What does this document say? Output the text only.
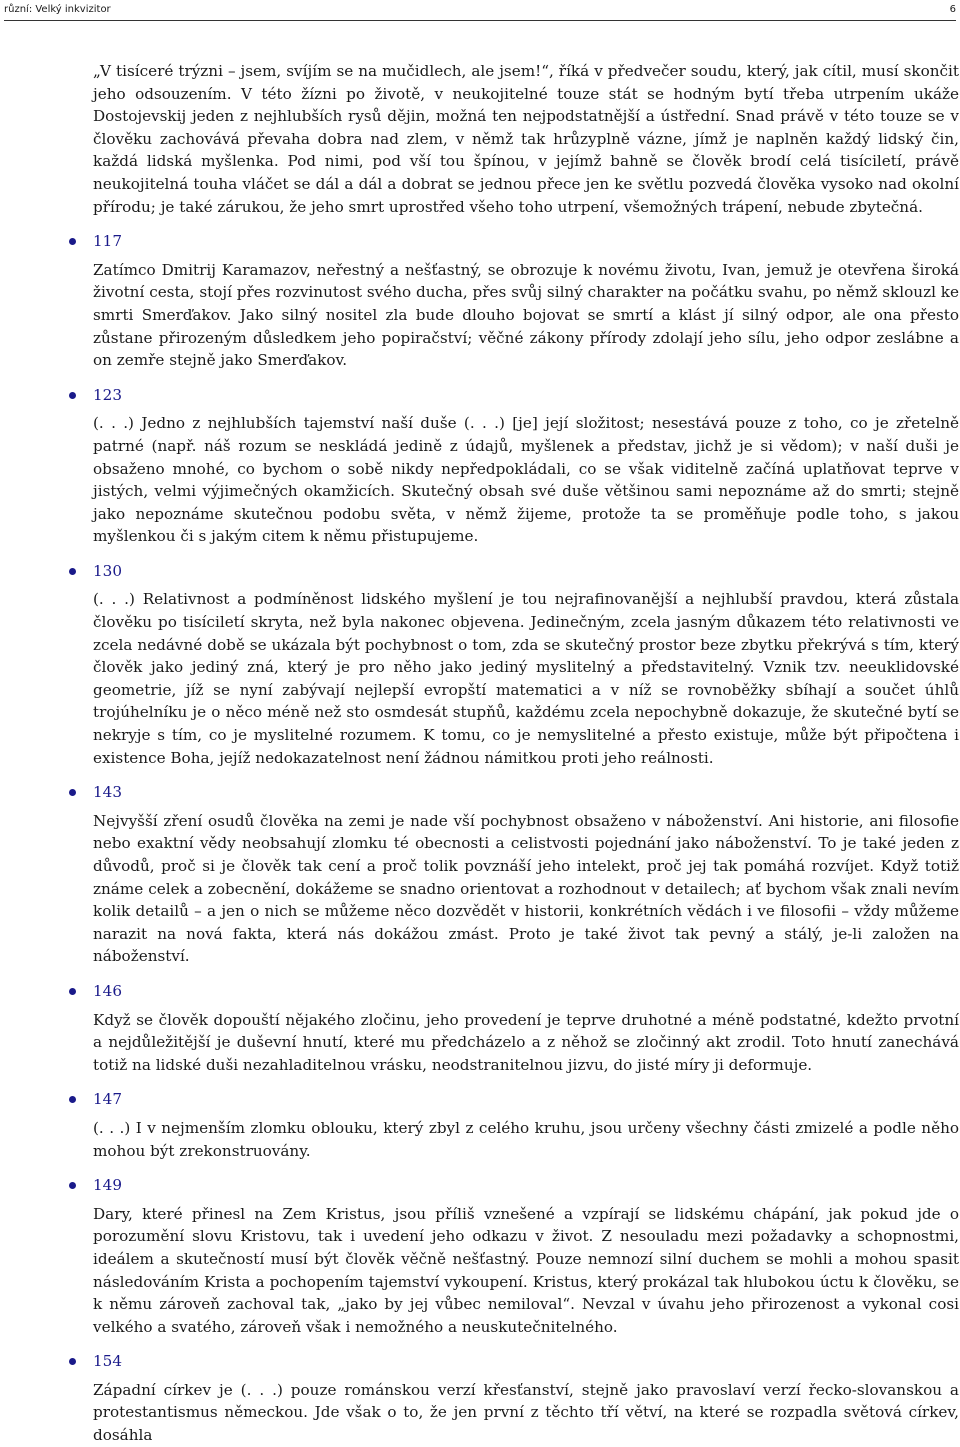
různí: Velký inkvizitor	6

„V tisíceré trýzni – jsem, svíjím se na mučidlech, ale jsem!“, říká v předvečer soudu, který, jak cítil, musí skončit jeho odsouzením. V této žízni po životě, v neukojitelné touze stát se hodným bytí třeba utrpením ukáže Dostojevskij jeden z nejhlubších rysů dějin, možná ten nejpodstatnější a ústřední. Snad právě v této touze se v člověku zachovává převaha dobra nad zlem, v němž tak hrůzyplně vázne, jímž je naplněn každý lidský čin, každá lidská myšlenka. Pod nimi, pod vší tou špínou, v jejímž bahně se člověk brodí celá tisíciletí, právě neukojitelná touha vláčet se dál a dál a dobrat se jednou přece jen ke světlu pozvedá člověka vysoko nad okolní přírodu; je také zárukou, že jeho smrt uprostřed všeho toho utrpení, všemožných trápení, nebude zbytečná.

117

Zatímco Dmitrij Karamazov, neřestný a nešťastný, se obrozuje k novému životu, Ivan, jemuž je otevřena široká životní cesta, stojí přes rozvinutost svého ducha, přes svůj silný charakter na počátku svahu, po němž sklouzl ke smrti Smerďakov. Jako silný nositel zla bude dlouho bojovat se smrtí a klást jí silný odpor, ale ona přesto zůstane přirozeným důsledkem jeho popiračství; věčné zákony přírody zdolají jeho sílu, jeho odpor zeslábne a on zemře stejně jako Smerďakov.

123

(. . .) Jedno z nejhlubších tajemství naší duše (. . .) [je] její složitost; nesestává pouze z toho, co je zřetelně patrné (např. náš rozum se neskládá jedině z údajů, myšlenek a představ, jichž je si vědom); v naší duši je obsaženo mnohé, co bychom o sobě nikdy nepředpokládali, co se však viditelně začíná uplatňovat teprve v jistých, velmi výjimečných okamžicích. Skutečný obsah své duše většinou sami nepoznáme až do smrti; stejně jako nepoznáme skutečnou podobu světa, v němž žijeme, protože ta se proměňuje podle toho, s jakou myšlenkou či s jakým citem k němu přistupujeme.

130

(. . .) Relativnost a podmíněnost lidského myšlení je tou nejrafinovanější a nejhlubší pravdou, která zůstala člověku po tisíciletí skryta, než byla nakonec objevena. Jedinečným, zcela jasným důkazem této relativnosti ve zcela nedávné době se ukázala být pochybnost o tom, zda se skutečný prostor beze zbytku překrývá s tím, který člověk jako jediný zná, který je pro něho jako jediný myslitelný a představitelný. Vznik tzv. neeuklidovské geometrie, jíž se nyní zabývají nejlepší evropští matematici a v níž se rovnoběžky sbíhají a součet úhlů trojúhelníku je o něco méně než sto osmdesát stupňů, každému zcela nepochybně dokazuje, že skutečné bytí se nekryje s tím, co je myslitelné rozumem. K tomu, co je nemyslitelné a přesto existuje, může být připočtena i existence Boha, jejíž nedokazatelnost není žádnou námitkou proti jeho reálnosti.

143

Nejvyšší zření osudů člověka na zemi je nade vší pochybnost obsaženo v náboženství. Ani historie, ani filosofie nebo exaktní vědy neobsahují zlomku té obecnosti a celistvosti pojednání jako náboženství. To je také jeden z důvodů, proč si je člověk tak cení a proč tolik povznáší jeho intelekt, proč jej tak pomáhá rozvíjet. Když totiž známe celek a zobecnění, dokážeme se snadno orientovat a rozhodnout v detailech; ať bychom však znali nevím kolik detailů – a jen o nich se můžeme něco dozvědět v historii, konkrétních vědách i ve filosofii – vždy můžeme narazit na nová fakta, která nás dokážou zmást. Proto je také život tak pevný a stálý, je-li založen na náboženství.

146

Když se člověk dopouští nějakého zločinu, jeho provedení je teprve druhotné a méně podstatné, kdežto prvotní a nejdůležitější je duševní hnutí, které mu předcházelo a z něhož se zločinný akt zrodil. Toto hnutí zanechává totiž na lidské duši nezahladitelnou vrásku, neodstranitelnou jizvu, do jisté míry ji deformuje.

147

(. . .) I v nejmenším zlomku oblouku, který zbyl z celého kruhu, jsou určeny všechny části zmizelé a podle něho mohou být zrekonstruovány.

149

Dary, které přinesl na Zem Kristus, jsou příliš vznešené a vzpírají se lidskému chápání, jak pokud jde o porozumění slovu Kristovu, tak i uvedení jeho odkazu v život. Z nesouladu mezi požadavky a schopnostmi, ideálem a skutečností musí být člověk věčně nešťastný. Pouze nemnozí silní duchem se mohli a mohou spasit následováním Krista a pochopením tajemství vykoupení. Kristus, který prokázal tak hlubokou úctu k člověku, se k němu zároveň zachoval tak, „jako by jej vůbec nemiloval“. Nevzal v úvahu jeho přirozenost a vykonal cosi velkého a svatého, zároveň však i nemožného a neuskutečnitelného.

154

Západní církev je (. . .) pouze románskou verzí křesťanství, stejně jako pravoslaví verzí řecko-slovanskou a protestantismus německou. Jde však o to, že jen první z těchto tří větví, na které se rozpadla světová církev, dosáhla
